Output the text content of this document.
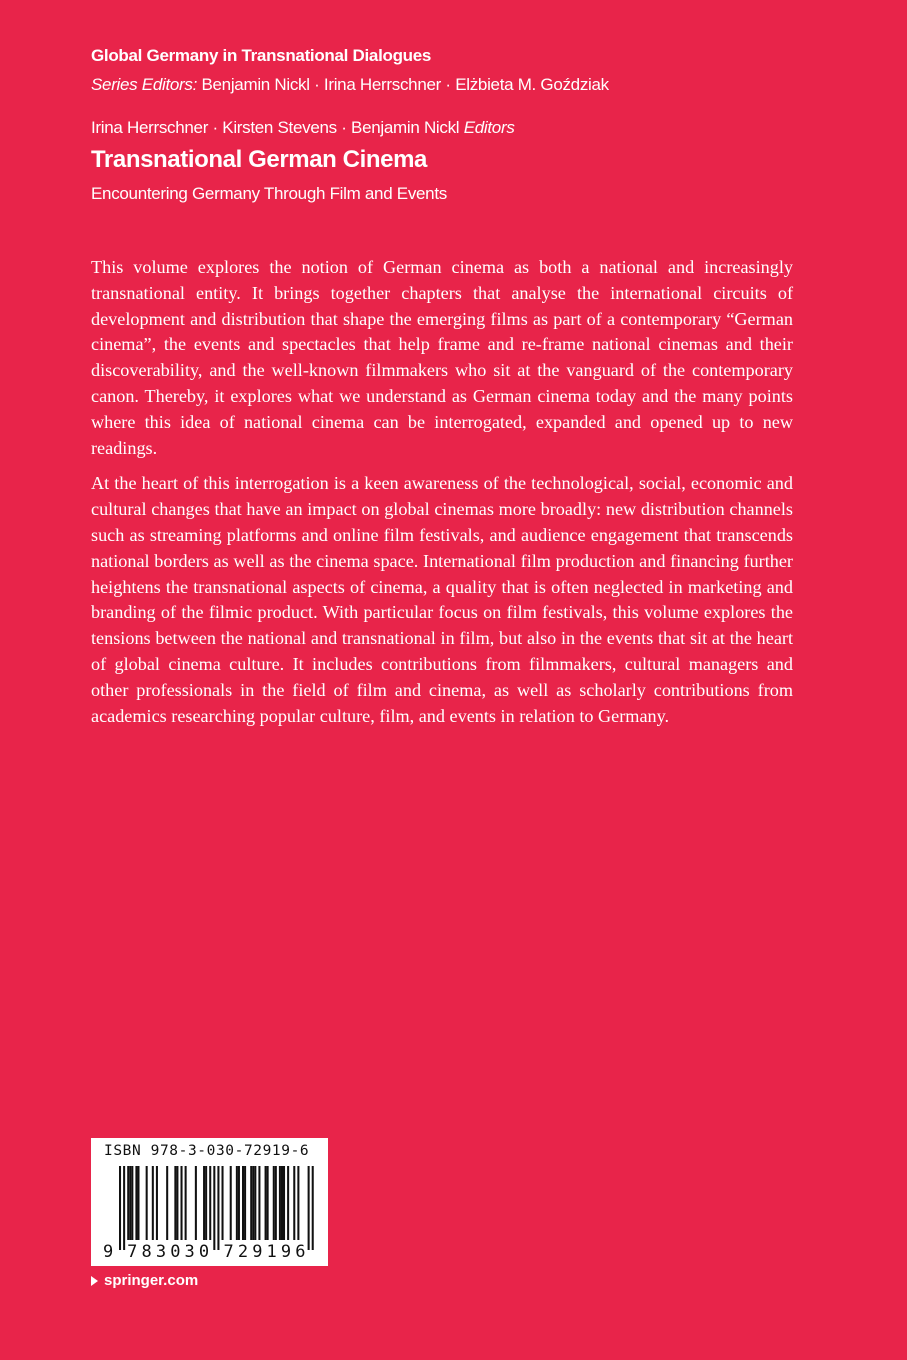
Global Germany in Transnational Dialogues
Series Editors: Benjamin Nickl · Irina Herrschner · Elżbieta M. Goździak
Irina Herrschner · Kirsten Stevens · Benjamin Nickl Editors
Transnational German Cinema
Encountering Germany Through Film and Events

This volume explores the notion of German cinema as both a national and increasingly transnational entity. It brings together chapters that analyse the international circuits of development and distribution that shape the emerging films as part of a contemporary “German cinema”, the events and spectacles that help frame and re-frame national cinemas and their discoverability, and the well-known filmmakers who sit at the vanguard of the contemporary canon. Thereby, it explores what we understand as German cinema today and the many points where this idea of national cinema can be interrogated, expanded and opened up to new readings.

At the heart of this interrogation is a keen awareness of the technological, social, economic and cultural changes that have an impact on global cinemas more broadly: new distribution channels such as streaming platforms and online film festivals, and audience engagement that transcends national borders as well as the cinema space. International film production and financing further heightens the transnational aspects of cinema, a quality that is often neglected in marketing and branding of the filmic product. With particular focus on film festivals, this volume explores the tensions between the national and transnational in film, but also in the events that sit at the heart of global cinema culture. It includes contributions from filmmakers, cultural managers and other professionals in the field of film and cinema, as well as scholarly contributions from academics researching popular culture, film, and events in relation to Germany.

ISBN 978-3-030-72919-6
9 7 8 3 0 3 0 7 2 9 1 9 6
springer.com
